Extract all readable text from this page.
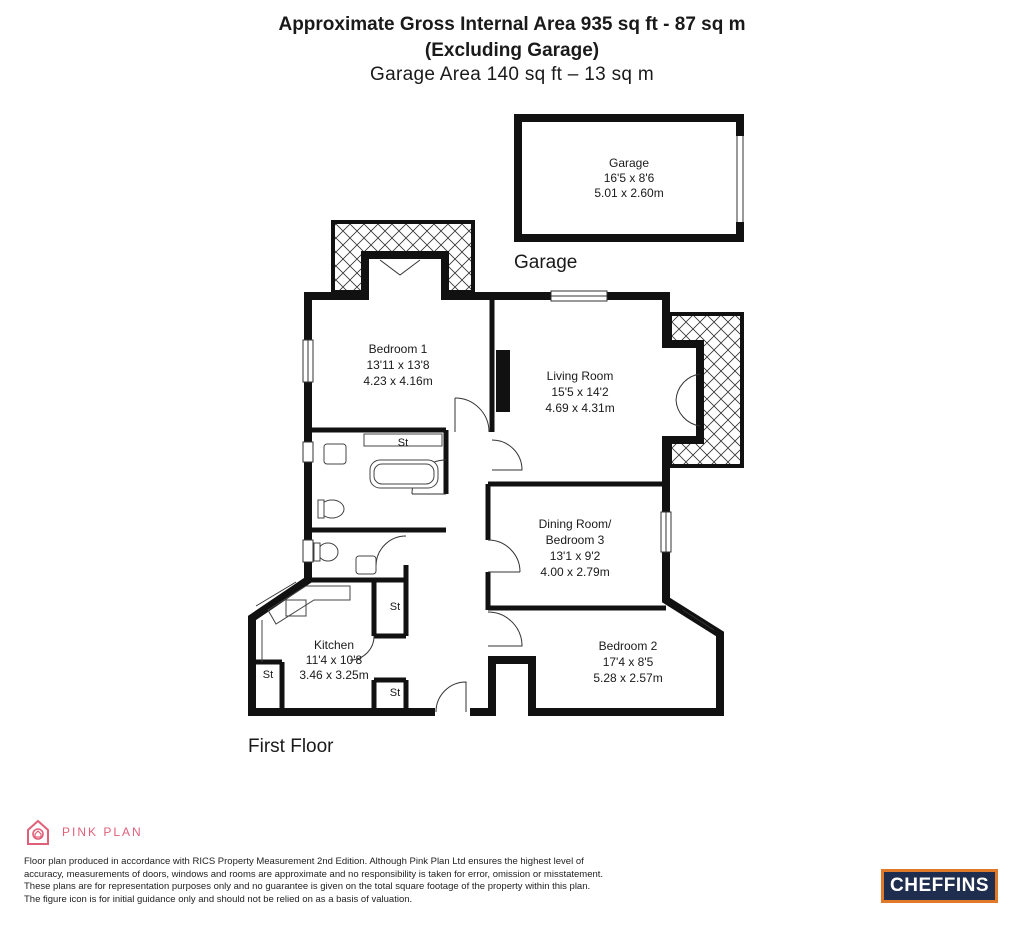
Approximate Gross Internal Area 935 sq ft - 87 sq m
(Excluding Garage)
Garage Area 140 sq ft – 13 sq m
Garage
16'5 x 8'6
5.01 x 2.60m
Garage
Bedroom 1
13'11 x 13'8
4.23 x 4.16m	Living Room
15'5 x 14'2
4.69 x 4.31m
Dining Room/
Bedroom 3
13'1 x 9'2
4.00 x 2.79m
Kitchen
11'4 x 10'8
3.46 x 3.25m
Bedroom 2
17'4 x 8'5
5.28 x 2.57m
St
St
St
St
First Floor
PINK PLAN
Floor plan produced in accordance with RICS Property Measurement 2nd Edition. Although Pink Plan Ltd ensures the highest level of accuracy, measurements of doors, windows and rooms are approximate and no responsibility is taken for error, omission or misstatement. These plans are for representation purposes only and no guarantee is given on the total square footage of the property within this plan. The figure icon is for initial guidance only and should not be relied on as a basis of valuation.
CHEFFINS
